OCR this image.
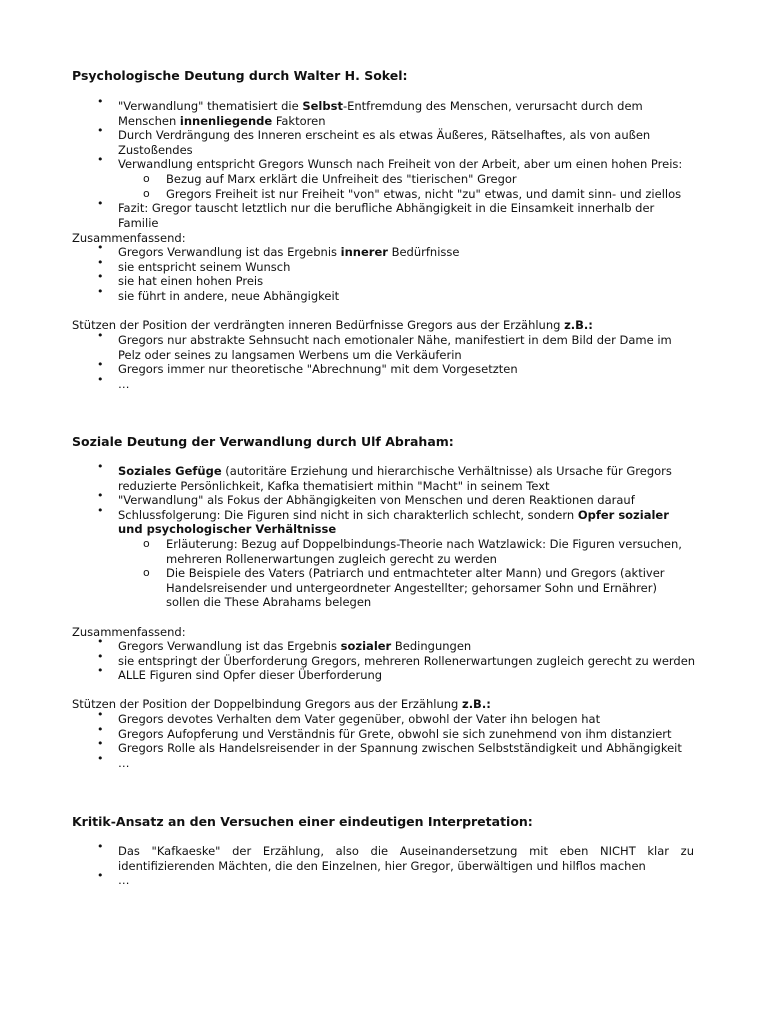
Psychologische Deutung durch Walter H. Sokel:

• "Verwandlung" thematisiert die Selbst-Entfremdung des Menschen, verursacht durch dem Menschen innenliegende Faktoren
• Durch Verdrängung des Inneren erscheint es als etwas Äußeres, Rätselhaftes, als von außen Zustoßendes
• Verwandlung entspricht Gregors Wunsch nach Freiheit von der Arbeit, aber um einen hohen Preis:
o Bezug auf Marx erklärt die Unfreiheit des "tierischen" Gregor
o Gregors Freiheit ist nur Freiheit "von" etwas, nicht "zu" etwas, und damit sinn- und ziellos
• Fazit: Gregor tauscht letztlich nur die berufliche Abhängigkeit in die Einsamkeit innerhalb der Familie

Zusammenfassend:

• Gregors Verwandlung ist das Ergebnis innerer Bedürfnisse
• sie entspricht seinem Wunsch
• sie hat einen hohen Preis
• sie führt in andere, neue Abhängigkeit

Stützen der Position der verdrängten inneren Bedürfnisse Gregors aus der Erzählung z.B.:

• Gregors nur abstrakte Sehnsucht nach emotionaler Nähe, manifestiert in dem Bild der Dame im Pelz oder seines zu langsamen Werbens um die Verkäuferin
• Gregors immer nur theoretische "Abrechnung" mit dem Vorgesetzten
• …

Soziale Deutung der Verwandlung durch Ulf Abraham:

• Soziales Gefüge (autoritäre Erziehung und hierarchische Verhältnisse) als Ursache für Gregors reduzierte Persönlichkeit, Kafka thematisiert mithin "Macht" in seinem Text
• "Verwandlung" als Fokus der Abhängigkeiten von Menschen und deren Reaktionen darauf
• Schlussfolgerung: Die Figuren sind nicht in sich charakterlich schlecht, sondern Opfer sozialer und psychologischer Verhältnisse
o Erläuterung: Bezug auf Doppelbindungs-Theorie nach Watzlawick: Die Figuren versuchen, mehreren Rollenerwartungen zugleich gerecht zu werden
o Die Beispiele des Vaters (Patriarch und entmachteter alter Mann) und Gregors (aktiver Handelsreisender und untergeordneter Angestellter; gehorsamer Sohn und Ernährer) sollen die These Abrahams belegen

Zusammenfassend:

• Gregors Verwandlung ist das Ergebnis sozialer Bedingungen
• sie entspringt der Überforderung Gregors, mehreren Rollenerwartungen zugleich gerecht zu werden
• ALLE Figuren sind Opfer dieser Überforderung

Stützen der Position der Doppelbindung Gregors aus der Erzählung z.B.:

• Gregors devotes Verhalten dem Vater gegenüber, obwohl der Vater ihn belogen hat
• Gregors Aufopferung und Verständnis für Grete, obwohl sie sich zunehmend von ihm distanziert
• Gregors Rolle als Handelsreisender in der Spannung zwischen Selbstständigkeit und Abhängigkeit
• …

Kritik-Ansatz an den Versuchen einer eindeutigen Interpretation:

• Das "Kafkaeske" der Erzählung, also die Auseinandersetzung mit eben NICHT klar zu identifizierenden Mächten, die den Einzelnen, hier Gregor, überwältigen und hilflos machen
• …
